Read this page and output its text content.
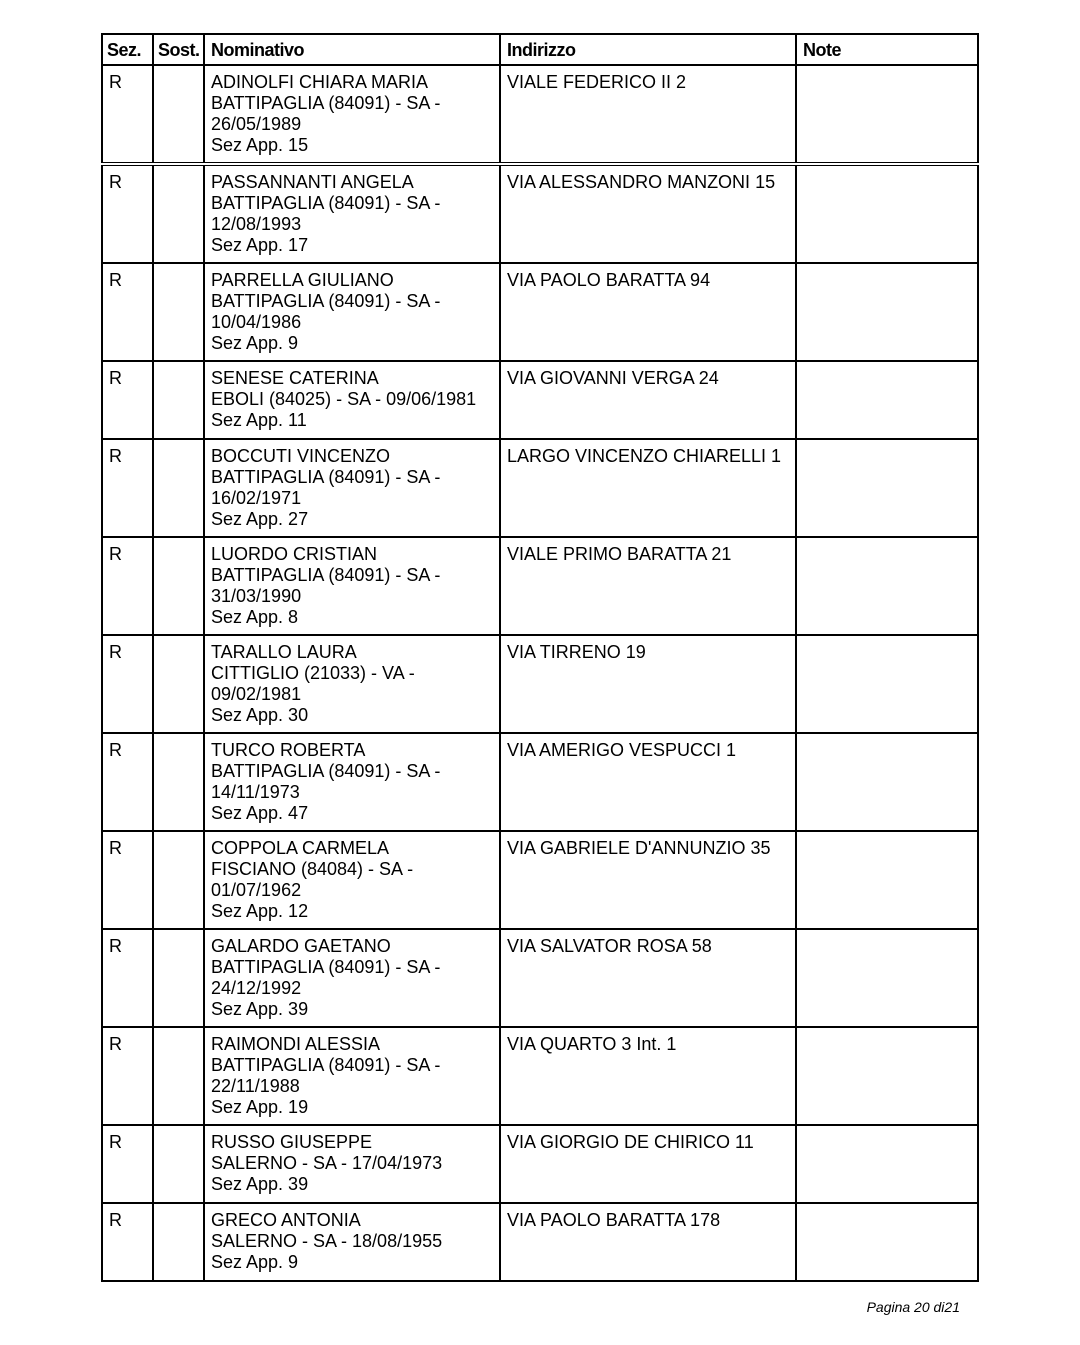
Sez.	Sost.	Nominativo	Indirizzo	Note
R		ADINOLFI CHIARA MARIA
BATTIPAGLIA (84091) - SA -
26/05/1989
Sez App. 15	VIALE FEDERICO II 2	
R		PASSANNANTI ANGELA
BATTIPAGLIA (84091) - SA -
12/08/1993
Sez App. 17	VIA ALESSANDRO MANZONI 15	
R		PARRELLA GIULIANO
BATTIPAGLIA (84091) - SA -
10/04/1986
Sez App. 9	VIA PAOLO BARATTA 94	
R		SENESE CATERINA
EBOLI (84025) - SA - 09/06/1981
Sez App. 11	VIA GIOVANNI VERGA 24	
R		BOCCUTI VINCENZO
BATTIPAGLIA (84091) - SA -
16/02/1971
Sez App. 27	LARGO VINCENZO CHIARELLI 1	
R		LUORDO CRISTIAN
BATTIPAGLIA (84091) - SA -
31/03/1990
Sez App. 8	VIALE PRIMO BARATTA 21	
R		TARALLO LAURA
CITTIGLIO (21033) - VA -
09/02/1981
Sez App. 30	VIA TIRRENO 19	
R		TURCO ROBERTA
BATTIPAGLIA (84091) - SA -
14/11/1973
Sez App. 47	VIA AMERIGO VESPUCCI 1	
R		COPPOLA CARMELA
FISCIANO (84084) - SA -
01/07/1962
Sez App. 12	VIA GABRIELE D'ANNUNZIO 35	
R		GALARDO GAETANO
BATTIPAGLIA (84091) - SA -
24/12/1992
Sez App. 39	VIA SALVATOR ROSA 58	
R		RAIMONDI ALESSIA
BATTIPAGLIA (84091) - SA -
22/11/1988
Sez App. 19	VIA QUARTO 3 Int. 1	
R		RUSSO GIUSEPPE
SALERNO - SA - 17/04/1973
Sez App. 39	VIA GIORGIO DE CHIRICO 11	
R		GRECO ANTONIA
SALERNO - SA - 18/08/1955
Sez App. 9	VIA PAOLO BARATTA 178	
Pagina 20 di21
